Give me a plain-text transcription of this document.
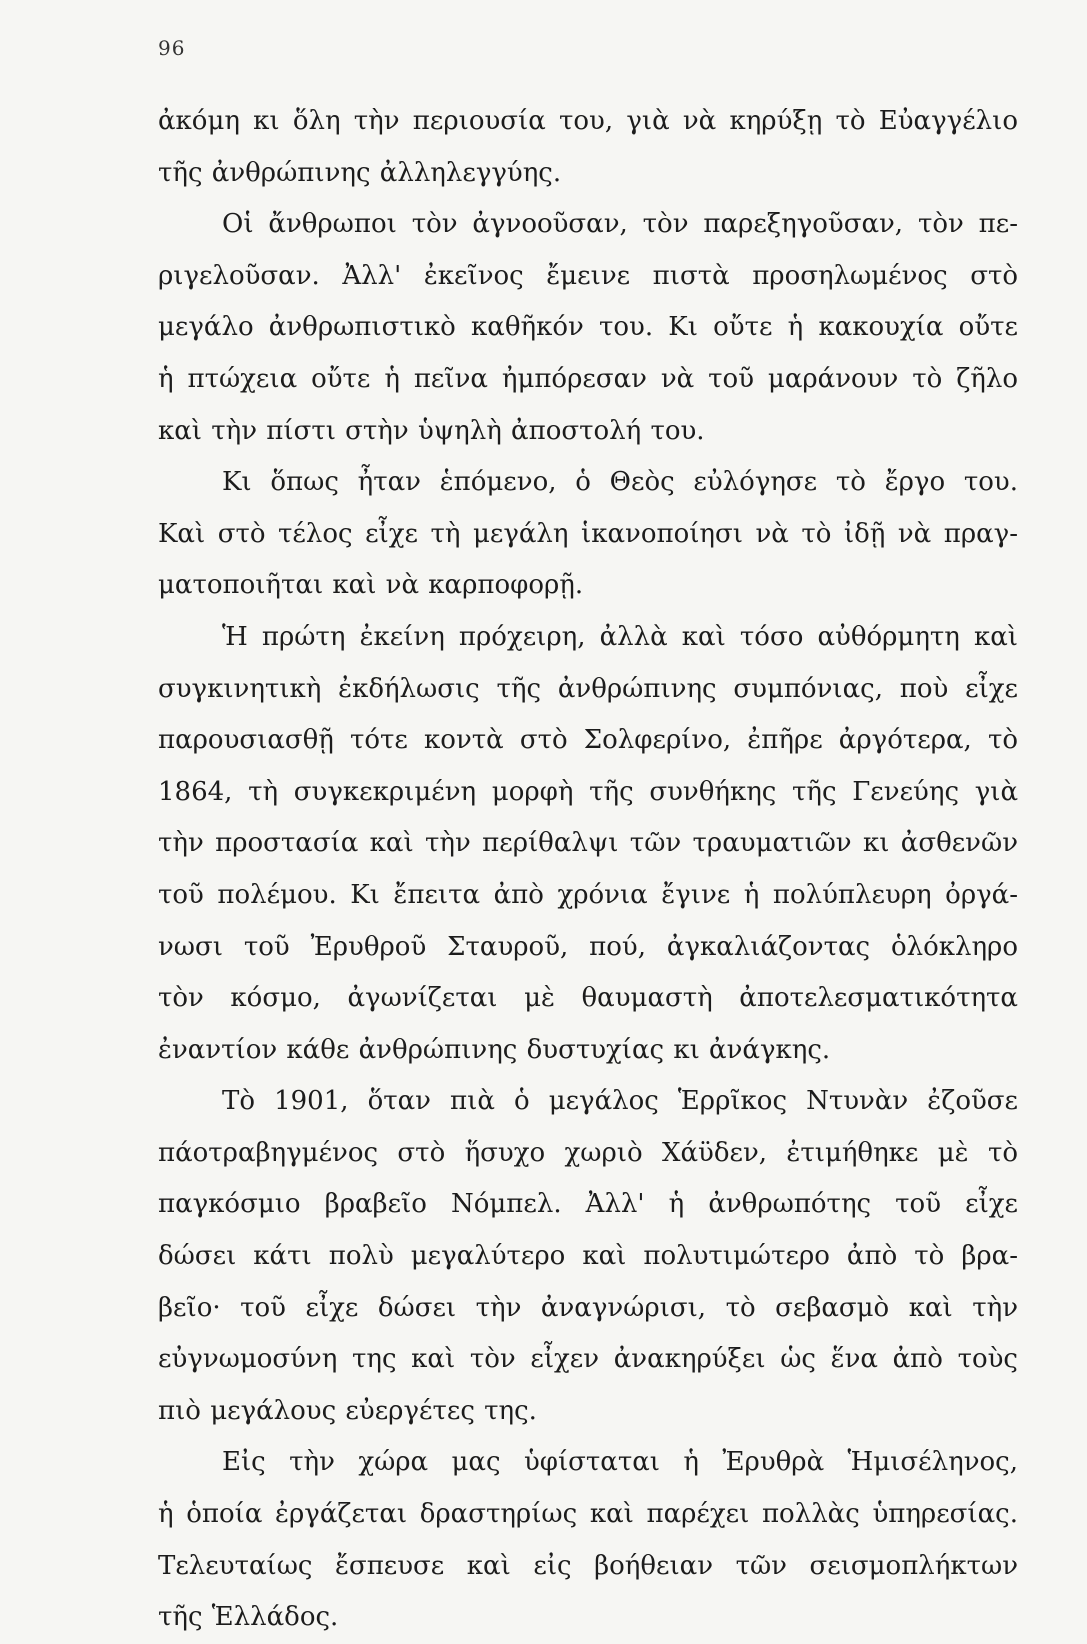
96
ἀκόμη κι ὅλη τὴν περιουσία του, γιὰ νὰ κηρύξῃ τὸ Εὐαγγέλιο
τῆς ἀνθρώπινης ἀλληλεγγύης.
Οἱ ἄνθρωποι τὸν ἀγνοοῦσαν, τὸν παρεξηγοῦσαν, τὸν πε-
ριγελοῦσαν. Ἀλλ' ἐκεῖνος ἔμεινε πιστὰ προσηλωμένος στὸ
μεγάλο ἀνθρωπιστικὸ καθῆκόν του. Κι οὔτε ἡ κακουχία οὔτε
ἡ πτώχεια οὔτε ἡ πεῖνα ἠμπόρεσαν νὰ τοῦ μαράνουν τὸ ζῆλο
καὶ τὴν πίστι στὴν ὑψηλὴ ἀποστολή του.
Κι ὅπως ἦταν ἑπόμενο, ὁ Θεὸς εὐλόγησε τὸ ἔργο του.
Καὶ στὸ τέλος εἶχε τὴ μεγάλη ἱκανοποίησι νὰ τὸ ἰδῇ νὰ πραγ-
ματοποιῆται καὶ νὰ καρποφορῇ.
Ἡ πρώτη ἐκείνη πρόχειρη, ἀλλὰ καὶ τόσο αὐθόρμητη καὶ
συγκινητικὴ ἐκδήλωσις τῆς ἀνθρώπινης συμπόνιας, ποὺ εἶχε
παρουσιασθῇ τότε κοντὰ στὸ Σολφερίνο, ἐπῆρε ἀργότερα, τὸ
1864, τὴ συγκεκριμένη μορφὴ τῆς συνθήκης τῆς Γενεύης γιὰ
τὴν προστασία καὶ τὴν περίθαλψι τῶν τραυματιῶν κι ἀσθενῶν
τοῦ πολέμου. Κι ἔπειτα ἀπὸ χρόνια ἔγινε ἡ πολύπλευρη ὀργά-
νωσι τοῦ Ἐρυθροῦ Σταυροῦ, πού, ἀγκαλιάζοντας ὁλόκληρο
τὸν κόσμο, ἀγωνίζεται μὲ θαυμαστὴ ἀποτελεσματικότητα
ἐναντίον κάθε ἀνθρώπινης δυστυχίας κι ἀνάγκης.
Τὸ 1901, ὅταν πιὰ ὁ μεγάλος Ἑρρῖκος Ντυνὰν ἐζοῦσε
πάοτραβηγμένος στὸ ἥσυχο χωριὸ Χάϋδεν, ἐτιμήθηκε μὲ τὸ
παγκόσμιο βραβεῖο Νόμπελ. Ἀλλ' ἡ ἀνθρωπότης τοῦ εἶχε
δώσει κάτι πολὺ μεγαλύτερο καὶ πολυτιμώτερο ἀπὸ τὸ βρα-
βεῖο· τοῦ εἶχε δώσει τὴν ἀναγνώρισι, τὸ σεβασμὸ καὶ τὴν
εὐγνωμοσύνη της καὶ τὸν εἶχεν ἀνακηρύξει ὡς ἕνα ἀπὸ τοὺς
πιὸ μεγάλους εὐεργέτες της.
Εἰς τὴν χώρα μας ὑφίσταται ἡ Ἐρυθρὰ Ἡμισέληνος,
ἡ ὁποία ἐργάζεται δραστηρίως καὶ παρέχει πολλὰς ὑπηρεσίας.
Τελευταίως ἔσπευσε καὶ εἰς βοήθειαν τῶν σεισμοπλήκτων
τῆς Ἑλλάδος.
